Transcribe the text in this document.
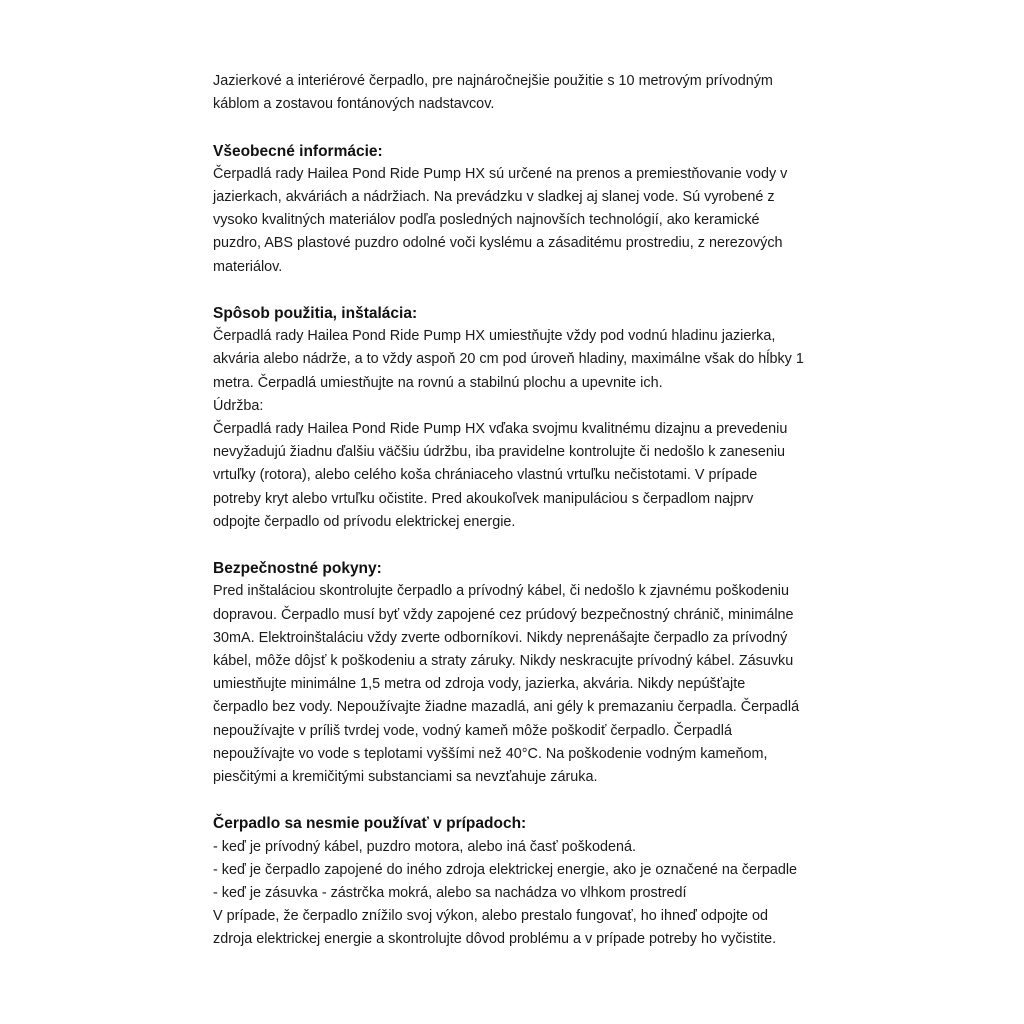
Jazierkové a interiérové čerpadlo, pre najnáročnejšie použitie s 10 metrovým prívodným
káblom a zostavou fontánových nadstavcov.
Všeobecné informácie:
Čerpadlá rady Hailea Pond Ride Pump HX sú určené na prenos a premiestňovanie vody v
jazierkach, akváriách a nádržiach. Na prevádzku v sladkej aj slanej vode. Sú vyrobené z
vysoko kvalitných materiálov podľa posledných najnovších technológií, ako keramické
puzdro, ABS plastové puzdro odolné voči kyslému a zásaditému prostrediu, z nerezových
materiálov.
Spôsob použitia, inštalácia:
Čerpadlá rady Hailea Pond Ride Pump HX umiestňujte vždy pod vodnú hladinu jazierka,
akvária alebo nádrže, a to vždy aspoň 20 cm pod úroveň hladiny, maximálne však do hĺbky 1
metra. Čerpadlá umiestňujte na rovnú a stabilnú plochu a upevnite ich.
Údržba:
Čerpadlá rady Hailea Pond Ride Pump HX vďaka svojmu kvalitnému dizajnu a prevedeniu
nevyžadujú žiadnu ďalšiu väčšiu údržbu, iba pravidelne kontrolujte či nedošlo k zaneseniu
vrtuľky (rotora), alebo celého koša chrániaceho vlastnú vrtuľku nečistotami. V prípade
potreby kryt alebo vrtuľku očistite. Pred akoukoľvek manipuláciou s čerpadlom najprv
odpojte čerpadlo od prívodu elektrickej energie.
Bezpečnostné pokyny:
Pred inštaláciou skontrolujte čerpadlo a prívodný kábel, či nedošlo k zjavnému poškodeniu
dopravou. Čerpadlo musí byť vždy zapojené cez prúdový bezpečnostný chránič, minimálne
30mA. Elektroinštaláciu vždy zverte odborníkovi. Nikdy neprenášajte čerpadlo za prívodný
kábel, môže dôjsť k poškodeniu a straty záruky. Nikdy neskracujte prívodný kábel. Zásuvku
umiestňujte minimálne 1,5 metra od zdroja vody, jazierka, akvária. Nikdy nepúšťajte
čerpadlo bez vody. Nepoužívajte žiadne mazadlá, ani gély k premazaniu čerpadla. Čerpadlá
nepoužívajte v príliš tvrdej vode, vodný kameň môže poškodiť čerpadlo. Čerpadlá
nepoužívajte vo vode s teplotami vyššími než 40°C. Na poškodenie vodným kameňom,
piesčitými a kremičitými substanciami sa nevzťahuje záruka.
Čerpadlo sa nesmie používať v prípadoch:
- keď je prívodný kábel, puzdro motora, alebo iná časť poškodená.
- keď je čerpadlo zapojené do iného zdroja elektrickej energie, ako je označené na čerpadle
- keď je zásuvka - zástrčka mokrá, alebo sa nachádza vo vlhkom prostredí
V prípade, že čerpadlo znížilo svoj výkon, alebo prestalo fungovať, ho ihneď odpojte od
zdroja elektrickej energie a skontrolujte dôvod problému a v prípade potreby ho vyčistite.
